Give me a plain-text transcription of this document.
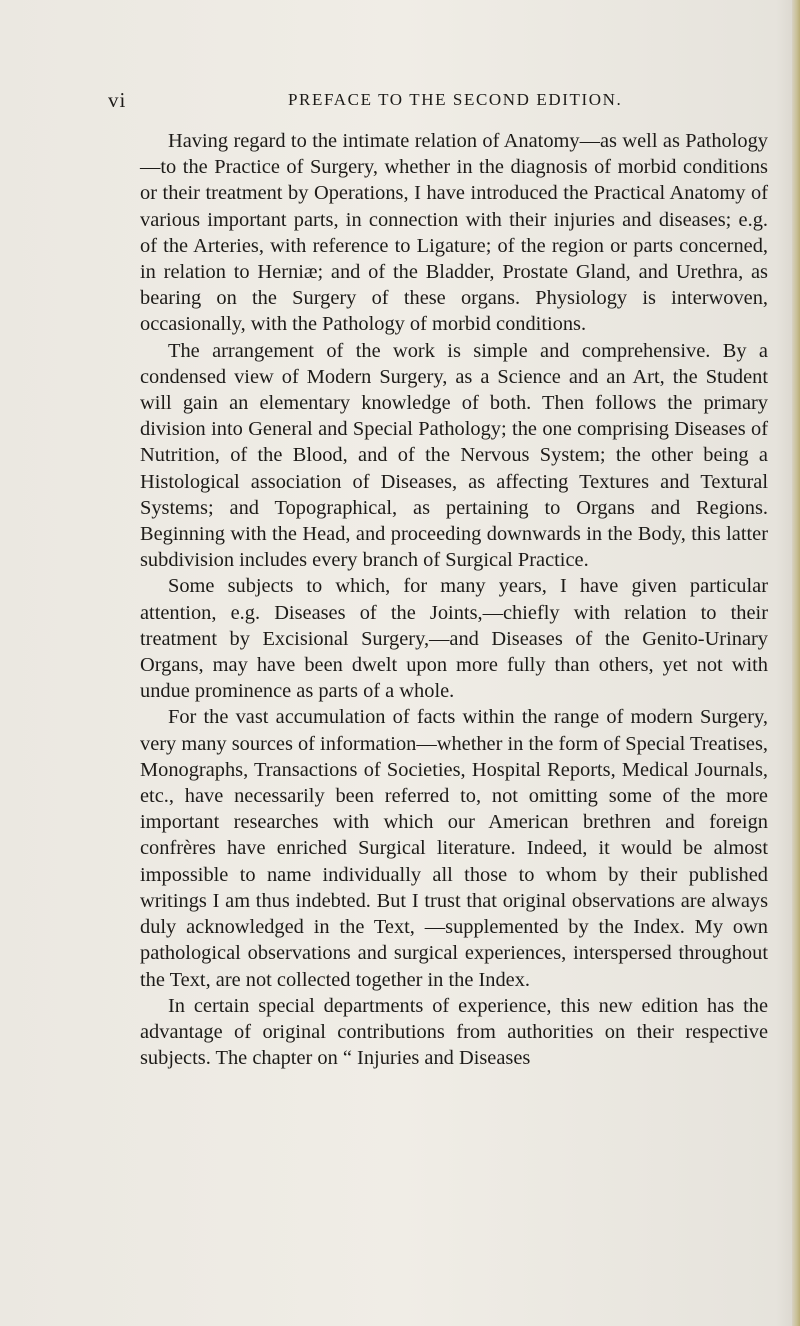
vi	PREFACE TO THE SECOND EDITION.

Having regard to the intimate relation of Anatomy—as well as Pathology—to the Practice of Surgery, whether in the diagnosis of morbid conditions or their treatment by Operations, I have introduced the Practical Anatomy of various important parts, in connection with their injuries and diseases; e.g. of the Arteries, with reference to Ligature; of the region or parts concerned, in relation to Herniæ; and of the Bladder, Prostate Gland, and Urethra, as bearing on the Surgery of these organs. Physiology is interwoven, occasionally, with the Pathology of morbid conditions.

The arrangement of the work is simple and comprehensive. By a condensed view of Modern Surgery, as a Science and an Art, the Student will gain an elementary knowledge of both. Then follows the primary division into General and Special Pathology; the one comprising Diseases of Nutrition, of the Blood, and of the Nervous System; the other being a Histological association of Diseases, as affecting Textures and Textural Systems; and Topographical, as pertaining to Organs and Regions. Beginning with the Head, and proceeding downwards in the Body, this latter subdivision includes every branch of Surgical Practice.

Some subjects to which, for many years, I have given particular attention, e.g. Diseases of the Joints,—chiefly with relation to their treatment by Excisional Surgery,—and Diseases of the Genito-Urinary Organs, may have been dwelt upon more fully than others, yet not with undue prominence as parts of a whole.

For the vast accumulation of facts within the range of modern Surgery, very many sources of information—whether in the form of Special Treatises, Monographs, Transactions of Societies, Hospital Reports, Medical Journals, etc., have necessarily been referred to, not omitting some of the more important researches with which our American brethren and foreign confrères have enriched Surgical literature. Indeed, it would be almost impossible to name individually all those to whom by their published writings I am thus indebted. But I trust that original observations are always duly acknowledged in the Text, —supplemented by the Index. My own pathological observations and surgical experiences, interspersed throughout the Text, are not collected together in the Index.

In certain special departments of experience, this new edition has the advantage of original contributions from authorities on their respective subjects. The chapter on “ Injuries and Diseases
